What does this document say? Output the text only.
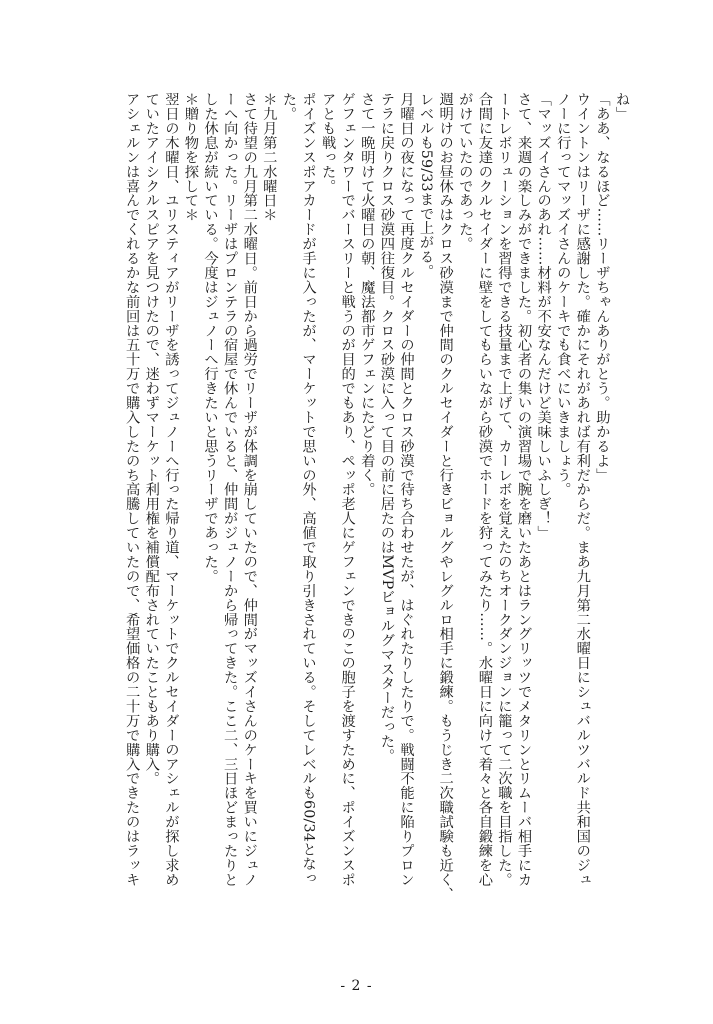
ね」

「ああ、なるほど……リーザちゃんありがとう。助かるよ」

ウイントンはリーザに感謝した。確かにそれがあれば有利だからだ。まあ九月第二水曜日にシュバルツバルド共和国のジュ

ノーに行ってマッズイさんのケーキでも食べにいきましょう。

「マッズイさんのあれ……材料が不安なんだけど美味しいふしぎ！」

さて、来週の楽しみができました。初心者の集いの演習場で腕を磨いたあとはラングリッツでメタリンとリムーバ相手にカ

ートレボリューションを習得できる技量まで上げて、カーレボを覚えたのちオークダンジョンに籠って二次職を目指した。

合間に友達のクルセイダーに壁をしてもらいながら砂漠でホードを狩ってみたり……。水曜日に向けて着々と各自鍛練を心

がけていたのであった。

週明けのお昼休みはクロス砂漠まで仲間のクルセイダーと行きビョルグやレグルロ相手に鍛練。もうじき二次職試験も近く、

レベルも59/33まで上がる。

月曜日の夜になって再度クルセイダーの仲間とクロス砂漠で待ち合わせたが、はぐれたりしたりで。戦闘不能に陥りプロン

テラに戻りクロス砂漠四往復目。クロス砂漠に入って目の前に居たのはMVPビョルグマスターだった。

さて一晩明けて火曜日の朝、魔法都市ゲフェンにたどり着く。

ゲフェンタワーでバースリーと戦うのが目的でもあり、ペッポ老人にゲフェンできのこの胞子を渡すために、ポイズンスポ

アとも戦った。

ポイズンスポアカードが手に入ったが、マーケットで思いの外、高値で取り引きされている。そしてレベルも60/34となっ

た。

＊九月第二水曜日＊

さて待望の九月第二水曜日。前日から過労でリーザが体調を崩していたので、仲間がマッズイさんのケーキを買いにジュノ

ーへ向かった。リーザはプロンテラの宿屋で休んでいると、仲間がジュノーから帰ってきた。ここ二、三日ほどまったりと

した休息が続いている。今度はジュノーへ行きたいと思うリーザであった。

＊贈り物を探して＊

翌日の木曜日、ユリスティアがリーザを誘ってジュノーへ行った帰り道、マーケットでクルセイダーのアシェルが探し求め

ていたアイシクルスピアを見つけたので、迷わずマーケット利用権を補償配布されていたこともあり購入。

アシェルンは喜んでくれるかな前回は五十万で購入したのち高騰していたので、希望価格の二十万で購入できたのはラッキ

- 2 -
